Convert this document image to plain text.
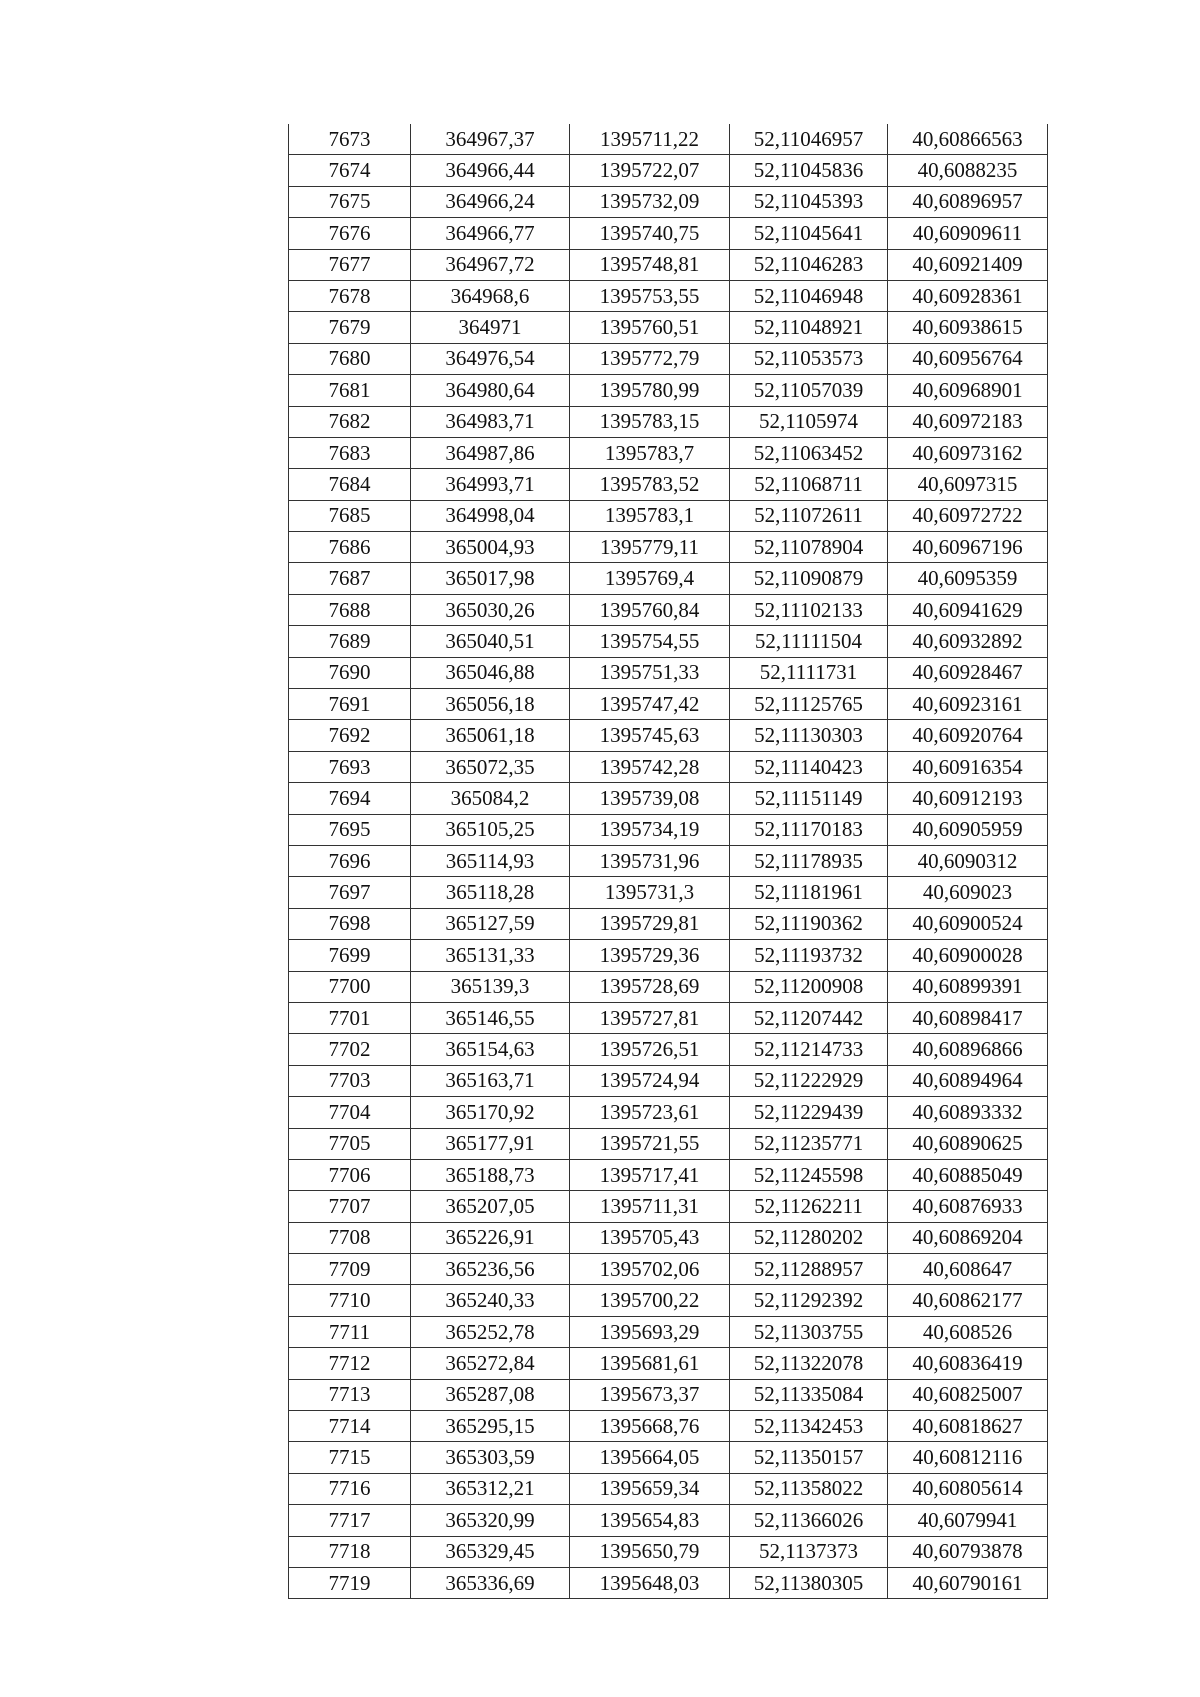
7673	364967,37	1395711,22	52,11046957	40,60866563
7674	364966,44	1395722,07	52,11045836	40,6088235
7675	364966,24	1395732,09	52,11045393	40,60896957
7676	364966,77	1395740,75	52,11045641	40,60909611
7677	364967,72	1395748,81	52,11046283	40,60921409
7678	364968,6	1395753,55	52,11046948	40,60928361
7679	364971	1395760,51	52,11048921	40,60938615
7680	364976,54	1395772,79	52,11053573	40,60956764
7681	364980,64	1395780,99	52,11057039	40,60968901
7682	364983,71	1395783,15	52,1105974	40,60972183
7683	364987,86	1395783,7	52,11063452	40,60973162
7684	364993,71	1395783,52	52,11068711	40,6097315
7685	364998,04	1395783,1	52,11072611	40,60972722
7686	365004,93	1395779,11	52,11078904	40,60967196
7687	365017,98	1395769,4	52,11090879	40,6095359
7688	365030,26	1395760,84	52,11102133	40,60941629
7689	365040,51	1395754,55	52,11111504	40,60932892
7690	365046,88	1395751,33	52,1111731	40,60928467
7691	365056,18	1395747,42	52,11125765	40,60923161
7692	365061,18	1395745,63	52,11130303	40,60920764
7693	365072,35	1395742,28	52,11140423	40,60916354
7694	365084,2	1395739,08	52,11151149	40,60912193
7695	365105,25	1395734,19	52,11170183	40,60905959
7696	365114,93	1395731,96	52,11178935	40,6090312
7697	365118,28	1395731,3	52,11181961	40,609023
7698	365127,59	1395729,81	52,11190362	40,60900524
7699	365131,33	1395729,36	52,11193732	40,60900028
7700	365139,3	1395728,69	52,11200908	40,60899391
7701	365146,55	1395727,81	52,11207442	40,60898417
7702	365154,63	1395726,51	52,11214733	40,60896866
7703	365163,71	1395724,94	52,11222929	40,60894964
7704	365170,92	1395723,61	52,11229439	40,60893332
7705	365177,91	1395721,55	52,11235771	40,60890625
7706	365188,73	1395717,41	52,11245598	40,60885049
7707	365207,05	1395711,31	52,11262211	40,60876933
7708	365226,91	1395705,43	52,11280202	40,60869204
7709	365236,56	1395702,06	52,11288957	40,608647
7710	365240,33	1395700,22	52,11292392	40,60862177
7711	365252,78	1395693,29	52,11303755	40,608526
7712	365272,84	1395681,61	52,11322078	40,60836419
7713	365287,08	1395673,37	52,11335084	40,60825007
7714	365295,15	1395668,76	52,11342453	40,60818627
7715	365303,59	1395664,05	52,11350157	40,60812116
7716	365312,21	1395659,34	52,11358022	40,60805614
7717	365320,99	1395654,83	52,11366026	40,6079941
7718	365329,45	1395650,79	52,1137373	40,60793878
7719	365336,69	1395648,03	52,11380305	40,60790161
